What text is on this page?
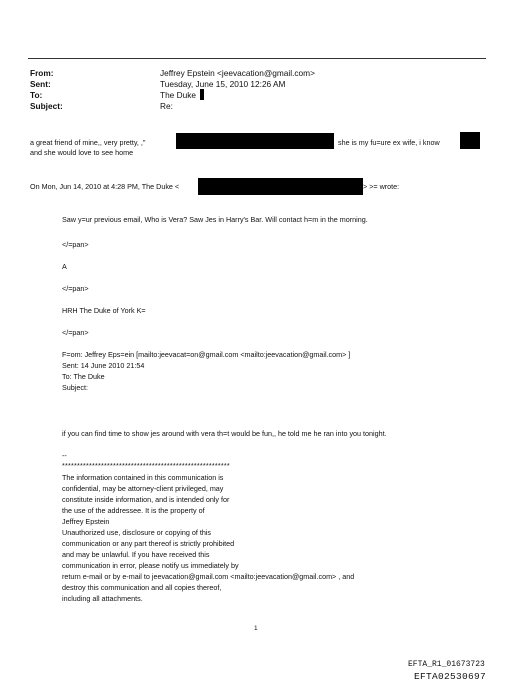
From:	Jeffrey Epstein <jeevacation@gmail.com>
Sent:	Tuesday, June 15, 2010 12:26 AM
To:	The Duke
Subject:	Re:
a great friend of mine,, very pretty, ,"	she is my fu=ure ex wife, i know
and she would love to see home
On Mon, Jun 14, 2010 at 4:28 PM, The Duke <	> >= wrote:
Saw y=ur previous email, Who is Vera? Saw Jes in Harry's Bar. Will contact h=m in the morning.
</=pan>
A
</=pan>
HRH The Duke of York K=
</=pan>
F=om: Jeffrey Eps=ein [mailto:jeevacat=on@gmail.com <mailto:jeevacation@gmail.com> ]
Sent: 14 June 2010 21:54
To: The Duke
Subject:
if you can find time to show jes around with vera th=t would be fun,, he told me he ran into you tonight.
--
********************************************************
The information contained in this communication is
confidential, may be attorney-client privileged, may
constitute inside information, and is intended only for
the use of the addressee. It is the property of
Jeffrey Epstein
Unauthorized use, disclosure or copying of this
communication or any part thereof is strictly prohibited
and may be unlawful. If you have received this
communication in error, please notify us immediately by
return e-mail or by e-mail to jeevacation@gmail.com <mailto:jeevacation@gmail.com> , and
destroy this communication and all copies thereof,
including all attachments.
1
EFTA_R1_01673723
EFTA02530697
